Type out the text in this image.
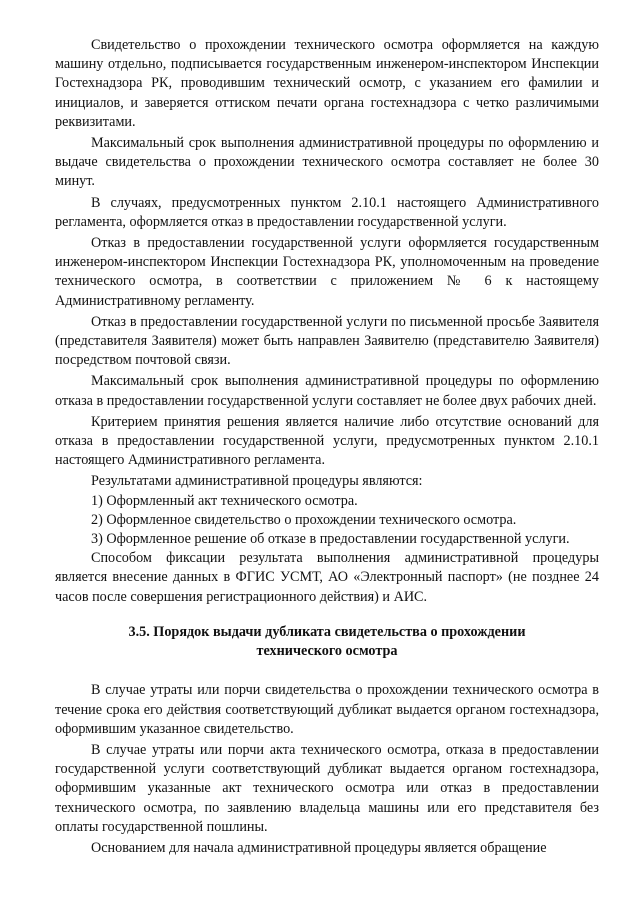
Свидетельство о прохождении технического осмотра оформляется на каждую машину отдельно, подписывается государственным инженером-инспектором Инспекции Гостехнадзора РК, проводившим технический осмотр, с указанием его фамилии и инициалов, и заверяется оттиском печати органа гостехнадзора с четко различимыми реквизитами.

Максимальный срок выполнения административной процедуры по оформлению и выдаче свидетельства о прохождении технического осмотра составляет не более 30 минут.

В случаях, предусмотренных пунктом 2.10.1 настоящего Административного регламента, оформляется отказ в предоставлении государственной услуги.

Отказ в предоставлении государственной услуги оформляется государственным инженером-инспектором Инспекции Гостехнадзора РК, уполномоченным на проведение технического осмотра, в соответствии с приложением № 6 к настоящему Административному регламенту.

Отказ в предоставлении государственной услуги по письменной просьбе Заявителя (представителя Заявителя) может быть направлен Заявителю (представителю Заявителя) посредством почтовой связи.

Максимальный срок выполнения административной процедуры по оформлению отказа в предоставлении государственной услуги составляет не более двух рабочих дней.

Критерием принятия решения является наличие либо отсутствие оснований для отказа в предоставлении государственной услуги, предусмотренных пунктом 2.10.1 настоящего Административного регламента.

Результатами административной процедуры являются:

1) Оформленный акт технического осмотра.

2) Оформленное свидетельство о прохождении технического осмотра.

3) Оформленное решение об отказе в предоставлении государственной услуги.

Способом фиксации результата выполнения административной процедуры является внесение данных в ФГИС УСМТ, АО «Электронный паспорт» (не позднее 24 часов после совершения регистрационного действия) и АИС.

3.5. Порядок выдачи дубликата свидетельства о прохождении технического осмотра

В случае утраты или порчи свидетельства о прохождении технического осмотра в течение срока его действия соответствующий дубликат выдается органом гостехнадзора, оформившим указанное свидетельство.

В случае утраты или порчи акта технического осмотра, отказа в предоставлении государственной услуги соответствующий дубликат выдается органом гостехнадзора, оформившим указанные акт технического осмотра или отказ в предоставлении технического осмотра, по заявлению владельца машины или его представителя без оплаты государственной пошлины.

Основанием для начала административной процедуры является обращение
